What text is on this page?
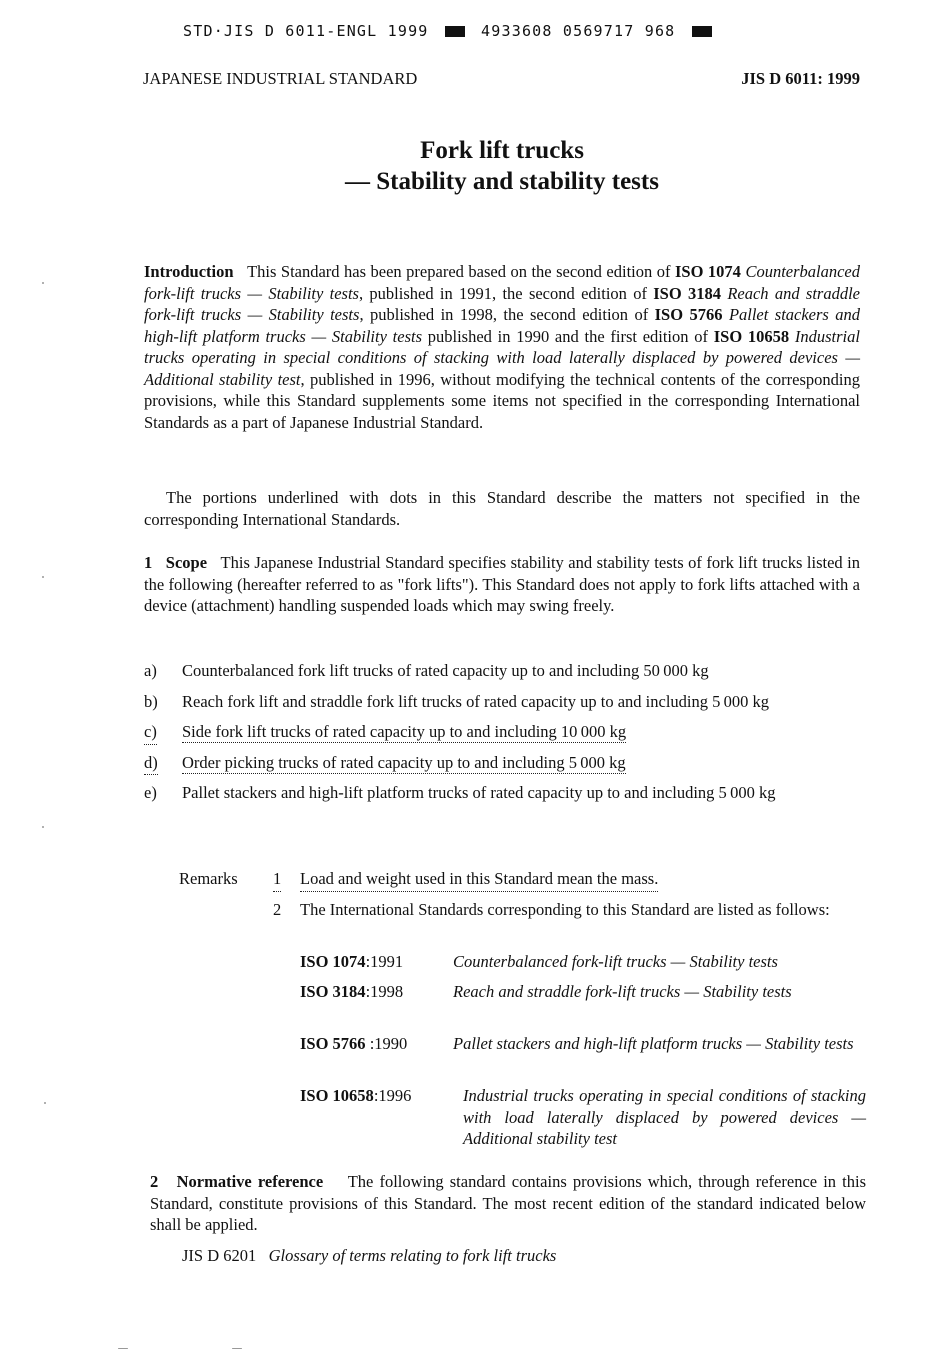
STD·JIS D 6011-ENGL 1999	4933608 0569717 968
JAPANESE INDUSTRIAL STANDARD	JIS D 6011: 1999
Fork lift trucks
— Stability and stability tests
Introduction This Standard has been prepared based on the second edition of ISO 1074 Counterbalanced fork-lift trucks — Stability tests, published in 1991, the second edition of ISO 3184 Reach and straddle fork-lift trucks — Stability tests, published in 1998, the second edition of ISO 5766 Pallet stackers and high-lift platform trucks — Stability tests published in 1990 and the first edition of ISO 10658 Industrial trucks operating in special conditions of stacking with load laterally displaced by powered devices — Additional stability test, published in 1996, without modifying the technical contents of the corresponding provisions, while this Standard supplements some items not specified in the corresponding International Standards as a part of Japanese Industrial Standard.
The portions underlined with dots in this Standard describe the matters not specified in the corresponding International Standards.
1 Scope This Japanese Industrial Standard specifies stability and stability tests of fork lift trucks listed in the following (hereafter referred to as "fork lifts"). This Standard does not apply to fork lifts attached with a device (attachment) handling suspended loads which may swing freely.
a) Counterbalanced fork lift trucks of rated capacity up to and including 50 000 kg
b) Reach fork lift and straddle fork lift trucks of rated capacity up to and including 5 000 kg
c) Side fork lift trucks of rated capacity up to and including 10 000 kg
d) Order picking trucks of rated capacity up to and including 5 000 kg
e) Pallet stackers and high-lift platform trucks of rated capacity up to and including 5 000 kg
Remarks 1 Load and weight used in this Standard mean the mass.
2 The International Standards corresponding to this Standard are listed as follows:
ISO 1074:1991	Counterbalanced fork-lift trucks — Stability tests
ISO 3184:1998	Reach and straddle fork-lift trucks — Stability tests
ISO 5766 :1990	Pallet stackers and high-lift platform trucks — Stability tests
ISO 10658:1996	Industrial trucks operating in special conditions of stacking with load laterally displaced by powered devices — Additional stability test
2 Normative reference The following standard contains provisions which, through reference in this Standard, constitute provisions of this Standard. The most recent edition of the standard indicated below shall be applied.
JIS D 6201 Glossary of terms relating to fork lift trucks
